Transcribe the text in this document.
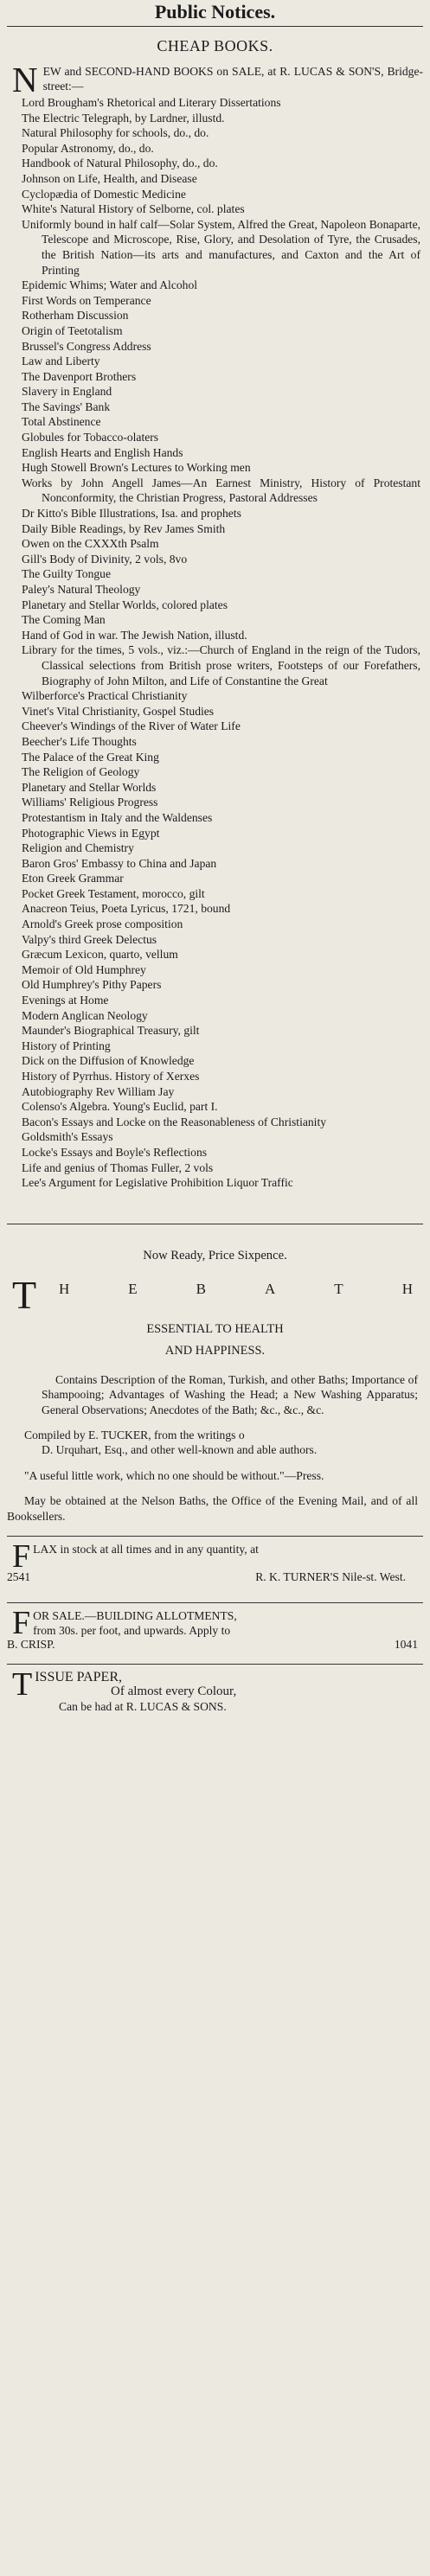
Public Notices.
CHEAP BOOKS.
NEW and SECOND-HAND BOOKS on SALE, at R. LUCAS & SON'S, Bridge-street:—
Lord Brougham's Rhetorical and Literary Dissertations
The Electric Telegraph, by Lardner, illustd.
Natural Philosophy for schools, do., do.
Popular Astronomy, do., do.
Handbook of Natural Philosophy, do., do.
Johnson on Life, Health, and Disease
Cyclopædia of Domestic Medicine
White's Natural History of Selborne, col. plates
Uniformly bound in half calf—Solar System, Alfred the Great, Napoleon Bonaparte, Telescope and Microscope, Rise, Glory, and Desolation of Tyre, the Crusades, the British Nation—its arts and manufactures, and Caxton and the Art of Printing
Epidemic Whims; Water and Alcohol
First Words on Temperance
Rotherham Discussion
Origin of Teetotalism
Brussel's Congress Address
Law and Liberty
The Davenport Brothers
Slavery in England
The Savings' Bank
Total Abstinence
Globules for Tobacco-olaters
English Hearts and English Hands
Hugh Stowell Brown's Lectures to Working men
Works by John Angell James—An Earnest Ministry, History of Protestant Nonconformity, the Christian Progress, Pastoral Addresses
Dr Kitto's Bible Illustrations, Isa. and prophets
Daily Bible Readings, by Rev James Smith
Owen on the CXXXth Psalm
Gill's Body of Divinity, 2 vols, 8vo
The Guilty Tongue
Paley's Natural Theology
Planetary and Stellar Worlds, colored plates
The Coming Man
Hand of God in war. The Jewish Nation, illustd.
Library for the times, 5 vols., viz.:—Church of England in the reign of the Tudors, Classical selections from British prose writers, Footsteps of our Forefathers, Biography of John Milton, and Life of Constantine the Great
Wilberforce's Practical Christianity
Vinet's Vital Christianity, Gospel Studies
Cheever's Windings of the River of Water Life
Beecher's Life Thoughts
The Palace of the Great King
The Religion of Geology
Planetary and Stellar Worlds
Williams' Religious Progress
Protestantism in Italy and the Waldenses
Photographic Views in Egypt
Religion and Chemistry
Baron Gros' Embassy to China and Japan
Eton Greek Grammar
Pocket Greek Testament, morocco, gilt
Anacreon Teius, Poeta Lyricus, 1721, bound
Arnold's Greek prose composition
Valpy's third Greek Delectus
Græcum Lexicon, quarto, vellum
Memoir of Old Humphrey
Old Humphrey's Pithy Papers
Evenings at Home
Modern Anglican Neology
Maunder's Biographical Treasury, gilt
History of Printing
Dick on the Diffusion of Knowledge
History of Pyrrhus. History of Xerxes
Autobiography Rev William Jay
Colenso's Algebra. Young's Euclid, part I.
Bacon's Essays and Locke on the Reasonableness of Christianity
Goldsmith's Essays
Locke's Essays and Boyle's Reflections
Life and genius of Thomas Fuller, 2 vols
Lee's Argument for Legislative Prohibition Liquor Traffic
Now Ready, Price Sixpence.
T H	E	B	A	T	H
ESSENTIAL TO HEALTH
AND HAPPINESS.
Contains Description of the Roman, Turkish, and other Baths; Importance of Shampooing; Advantages of Washing the Head; a New Washing Apparatus; General Observations; Anecdotes of the Bath; &c., &c., &c.
Compiled by E. TUCKER, from the writings o
D. Urquhart, Esq., and other well-known and able authors.
"A useful little work, which no one should be without."—Press.
May be obtained at the Nelson Baths, the Office of the Evening Mail, and of all Booksellers.
F LAX in stock at all times and in any quantity, at
2541	R. K. TURNER'S Nile-st. West.
F OR SALE.—BUILDING ALLOTMENTS,
from 30s. per foot, and upwards. Apply to
B. CRISP.	1041
T ISSUE PAPER,
Of almost every Colour,
Can be had at R. LUCAS & SONS.
